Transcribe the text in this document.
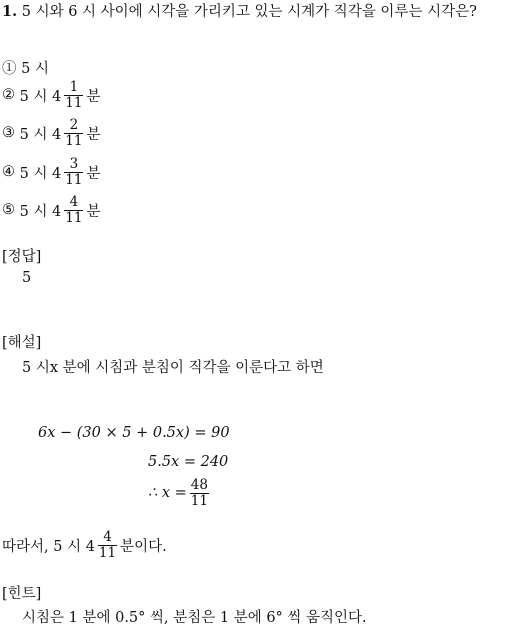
1. 5 시와 6 시 사이에 시각을 가리키고 있는 시계가 직각을 이루는 시각은?
① 5 시
②
5 시 $4 \frac{1}{11}$ 분
③
5 시 $4 \frac{2}{11}$ 분
④
5 시 $4 \frac{3}{11}$ 분
⑤
5 시 $4 \frac{4}{11}$ 분
[정답]
5
[해설]
5 시x 분에 시침과 분침이 직각을 이룬다고 하면
6x − (30 × 5 + 0.5x) = 90
5.5x = 240
∴ $x = \frac{48}{11}$
따라서, 5 시 $4 \frac{4}{11}$ 분이다.
[힌트]
시침은 1 분에 0.5° 씩, 분침은 1 분에 6° 씩 움직인다.
